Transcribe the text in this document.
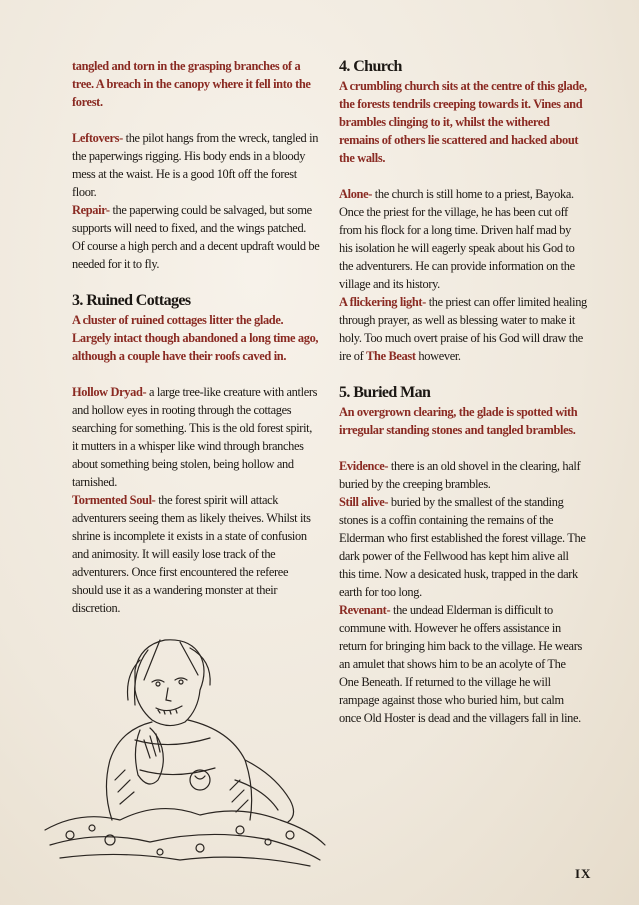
tangled and torn in the grasping branches of a tree. A breach in the canopy where it fell into the forest.

Leftovers- the pilot hangs from the wreck, tangled in the paperwings rigging. His body ends in a bloody mess at the waist. He is a good 10ft off the forest floor.

Repair- the paperwing could be salvaged, but some supports will need to fixed, and the wings patched. Of course a high perch and a decent updraft would be needed for it to fly.

3. Ruined Cottages

A cluster of ruined cottages litter the glade. Largely intact though abandoned a long time ago, although a couple have their roofs caved in.

Hollow Dryad- a large tree-like creature with antlers and hollow eyes in rooting through the cottages searching for something. This is the old forest spirit, it mutters in a whisper like wind through branches about something being stolen, being hollow and tarnished.

Tormented Soul- the forest spirit will attack adventurers seeing them as likely theives. Whilst its shrine is incomplete it exists in a state of confusion and animosity. It will easily lose track of the adventurers. Once first encountered the referee should use it as a wandering monster at their discretion.

4. Church

A crumbling church sits at the centre of this glade, the forests tendrils creeping towards it. Vines and brambles clinging to it, whilst the withered remains of others lie scattered and hacked about the walls.

Alone- the church is still home to a priest, Bayoka. Once the priest for the village, he has been cut off from his flock for a long time. Driven half mad by his isolation he will eagerly speak about his God to the adventurers. He can provide information on the village and its history.

A flickering light- the priest can offer limited healing through prayer, as well as blessing water to make it holy. Too much overt praise of his God will draw the ire of The Beast however.

5. Buried Man

An overgrown clearing, the glade is spotted with irregular standing stones and tangled brambles.

Evidence- there is an old shovel in the clearing, half buried by the creeping brambles.

Still alive- buried by the smallest of the standing stones is a coffin containing the remains of the Elderman who first established the forest village. The dark power of the Fellwood has kept him alive all this time. Now a desicated husk, trapped in the dark earth for too long.

Revenant- the undead Elderman is difficult to commune with. However he offers assistance in return for bringing him back to the village. He wears an amulet that shows him to be an acolyte of The One Beneath. If returned to the village he will rampage against those who buried him, but calm once Old Hoster is dead and the villagers fall in line.

IX
